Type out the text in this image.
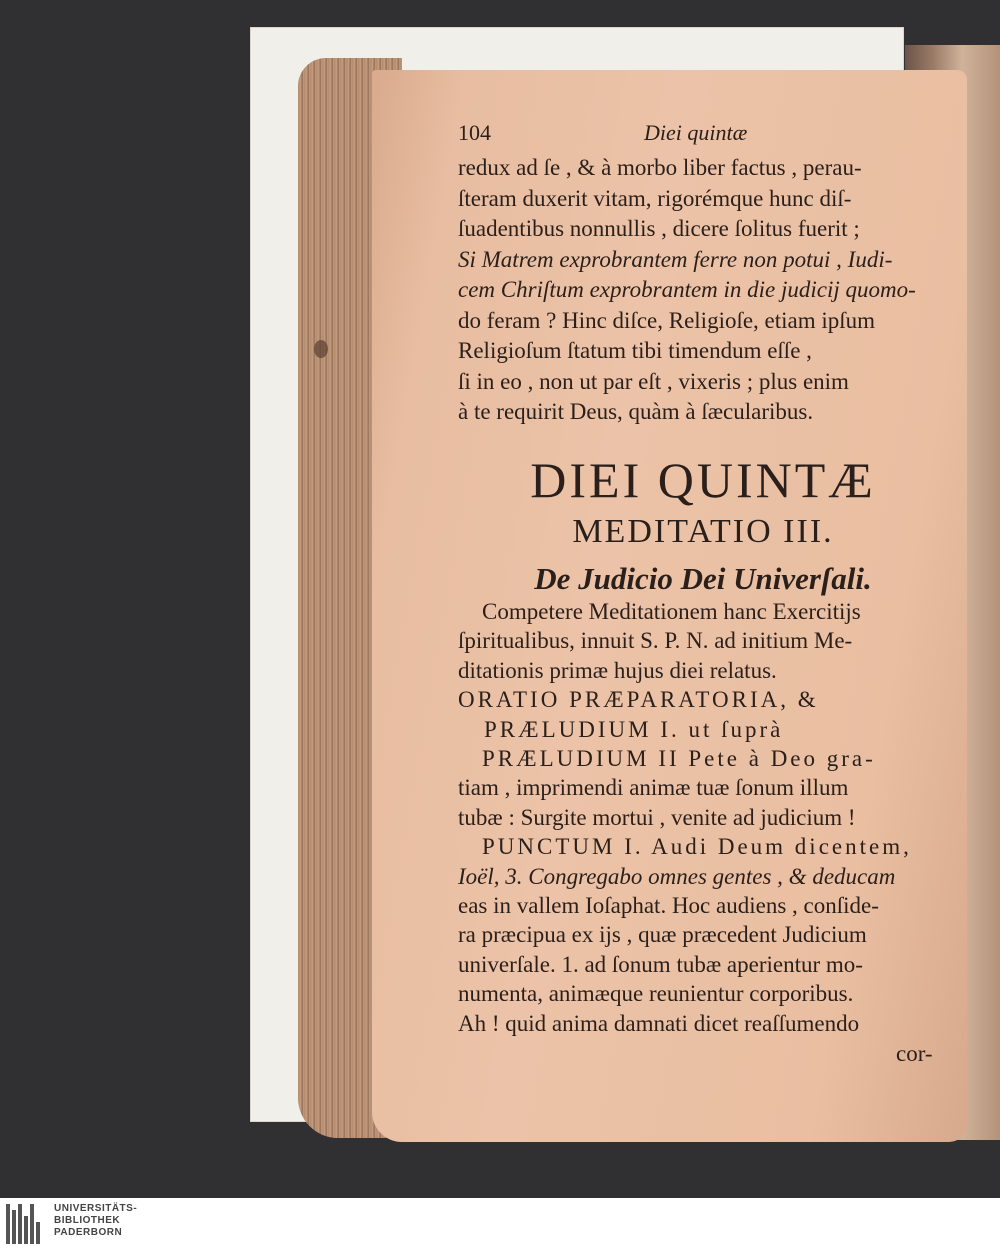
104	Diei quintæ
redux ad ſe , & à morbo liber factus , perau-
ſteram duxerit vitam, rigorémque hunc diſ-
ſuadentibus nonnullis , dicere ſolitus fuerit ;
Si Matrem exprobrantem ferre non potui , Iudi-
cem Chriſtum exprobrantem in die judicij quomo-
do feram ? Hinc diſce, Religioſe, etiam ipſum
Religioſum ſtatum tibi timendum eſſe ,
ſi in eo , non ut par eſt , vixeris ; plus enim
à te requirit Deus, quàm à ſæcularibus.
DIEI QUINTÆ
MEDITATIO III.
De Judicio Dei Univerſali.
Competere Meditationem hanc Exercitijs
ſpiritualibus, innuit S. P. N. ad initium Me-
ditationis primæ hujus diei relatus.
ORATIO PRÆPARATORIA, &
PRÆLUDIUM I. ut ſuprà
PRÆLUDIUM II Pete à Deo gra-
tiam , imprimendi animæ tuæ ſonum illum
tubæ : Surgite mortui , venite ad judicium !
PUNCTUM I. Audi Deum dicentem,
Ioël, 3. Congregabo omnes gentes , & deducam
eas in vallem Ioſaphat. Hoc audiens , conſide-
ra præcipua ex ijs , quæ præcedent Judicium
univerſale. 1. ad ſonum tubæ aperientur mo-
numenta, animæque reunientur corporibus.
Ah ! quid anima damnati dicet reaſſumendo
cor-
UNIVERSITÄTS-
BIBLIOTHEK
PADERBORN
